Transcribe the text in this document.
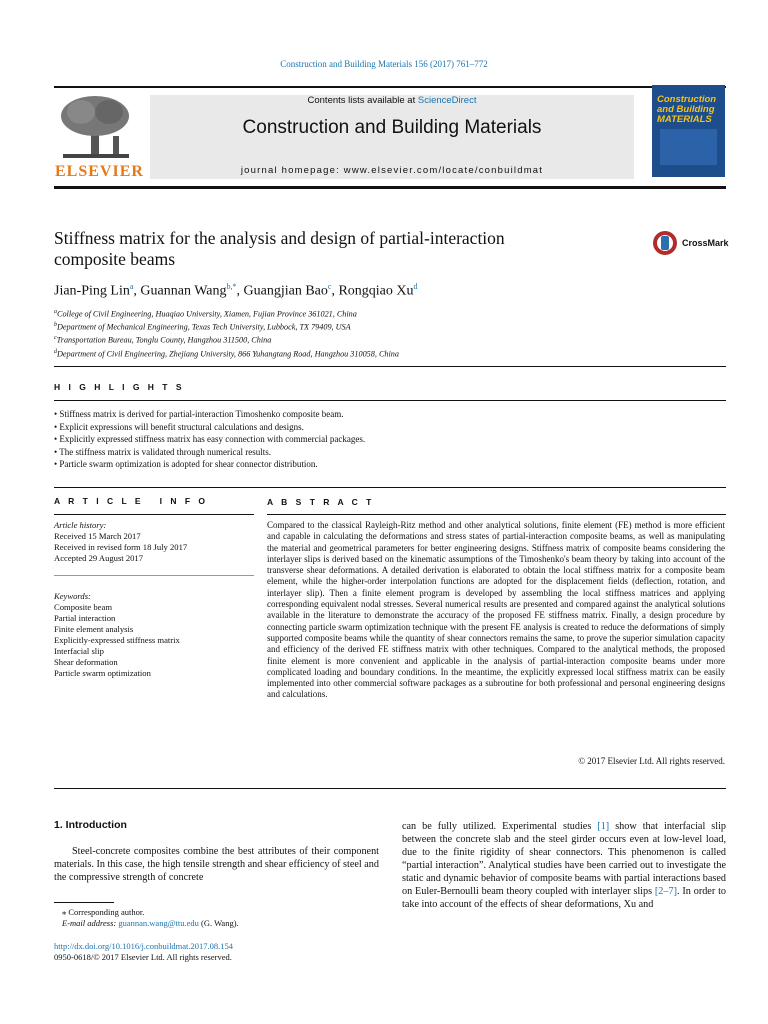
Construction and Building Materials 156 (2017) 761–772
ELSEVIER
Contents lists available at ScienceDirect
Construction and Building Materials
journal homepage: www.elsevier.com/locate/conbuildmat
Construction
and Building
MATERIALS
Stiffness matrix for the analysis and design of partial-interaction
composite beams
CrossMark
Jian-Ping Lin$^a$, Guannan Wang$^{b,*}$, Guangjian Bao$^c$, Rongqiao Xu$^d$
$^a$College of Civil Engineering, Huaqiao University, Xiamen, Fujian Province 361021, China
$^b$Department of Mechanical Engineering, Texas Tech University, Lubbock, TX 79409, USA
$^c$Transportation Bureau, Tonglu County, Hangzhou 311500, China
$^d$Department of Civil Engineering, Zhejiang University, 866 Yuhangtang Road, Hangzhou 310058, China
H I G H L I G H T S
• Stiffness matrix is derived for partial-interaction Timoshenko composite beam.
• Explicit expressions will benefit structural calculations and designs.
• Explicitly expressed stiffness matrix has easy connection with commercial packages.
• The stiffness matrix is validated through numerical results.
• Particle swarm optimization is adopted for shear connector distribution.
A R T I C L E   I N F O	A B S T R A C T
Article history:
Received 15 March 2017
Received in revised form 18 July 2017
Accepted 29 August 2017
Keywords:
Composite beam
Partial interaction
Finite element analysis
Explicitly-expressed stiffness matrix
Interfacial slip
Shear deformation
Particle swarm optimization
Compared to the classical Rayleigh-Ritz method and other analytical solutions, finite element (FE) method is more efficient and capable in calculating the deformations and stress states of partial-interaction composite beams, as well as manipulating the material and geometrical parameters for better engineering designs. Stiffness matrix of composite beams considering the interlayer slips is derived based on the kinematic assumptions of the Timoshenko's beam theory by taking into account of the transverse shear deformations. A detailed derivation is elaborated to obtain the local stiffness matrix for a composite beam element, while the higher-order interpolation functions are adopted for the displacement fields (deflection, rotation, and interlayer slip). Then a finite element program is developed by assembling the local stiffness matrices and applying corresponding equivalent nodal stresses. Several numerical results are presented and compared against the analytical solutions available in the literature to demonstrate the accuracy of the proposed FE stiffness matrix. Finally, a design procedure by connecting particle swarm optimization technique with the present FE analysis is created to reduce the deformations of simply supported composite beams while the quantity of shear connectors remains the same, to prove the superior simulation capacity and efficiency of the derived FE stiffness matrix with other techniques. Compared to the analytical methods, the proposed finite element is more convenient and applicable in the analysis of partial-interaction composite beams under more complicated loading and boundary conditions. In the meantime, the explicitly expressed local stiffness matrix can be easily implemented into other commercial software packages as a subroutine for both professional and personal engineering designs and calculations.
© 2017 Elsevier Ltd. All rights reserved.
1. Introduction
Steel-concrete composites combine the best attributes of their component materials. In this case, the high tensile strength and shear efficiency of steel and the compressive strength of concrete
can be fully utilized. Experimental studies [1] show that interfacial slip between the concrete slab and the steel girder occurs even at low-level load, due to the finite rigidity of shear connectors. This phenomenon is called “partial interaction”. Analytical studies have been carried out to investigate the static and dynamic behavior of composite beams with partial interactions based on Euler-Bernoulli beam theory coupled with interlayer slips [2–7]. In order to take into account of the effects of shear deformations, Xu and
⁎ Corresponding author.
E-mail address: guannan.wang@ttu.edu (G. Wang).
http://dx.doi.org/10.1016/j.conbuildmat.2017.08.154
0950-0618/© 2017 Elsevier Ltd. All rights reserved.
